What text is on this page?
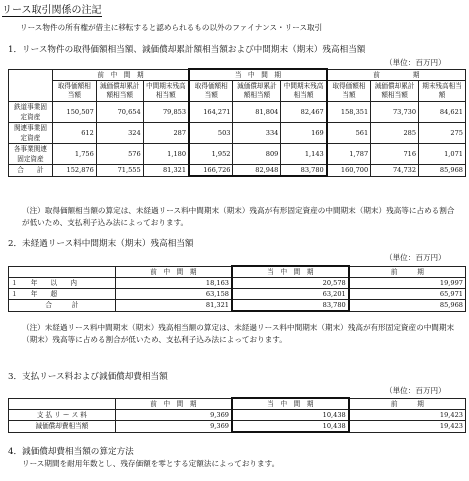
リース取引関係の注記
リース物件の所有権が借主に移転すると認められるもの以外のファイナンス・リース取引
1．リース物件の取得価額相当額、減価償却累計額相当額および中間期末（期末）残高相当額
（単位：百万円）
	前　中　間　期			当　中　間　期			前　　　　　期		
	取得価額相当額	減価償却累計額相当額	中間期末残高相当額	取得価額相当額	減価償却累計額相当額	中間期末残高相当額	取得価額相当額	減価償却累計額相当額	期末残高相当額
鉄道事業固定資産	150,507	70,654	79,853	164,271	81,804	82,467	158,351	73,730	84,621
関連事業固定資産	612	324	287	503	334	169	561	285	275
各事業関連固定資産	1,756	576	1,180	1,952	809	1,143	1,787	716	1,071
合　　計	152,876	71,555	81,321	166,726	82,948	83,780	160,700	74,732	85,968
（注）取得価額相当額の算定は、未経過リース料中間期末（期末）残高が有形固定資産の中間期末（期末）残高等に占める割合が低いため、支払利子込み法によっております。
2．未経過リース料中間期末（期末）残高相当額
（単位：百万円）
	前　中　間　期	当　中　間　期	前　　　期
１　　年　　以　　内	18,163	20,578	19,997
１　　年　　超	63,158	63,201	65,971
合　　　計	81,321	83,780	85,968
（注）未経過リース料中間期末（期末）残高相当額の算定は、未経過リース料中間期末（期末）残高が有形固定資産の中間期末（期末）残高等に占める割合が低いため、支払利子込み法によっております。
3．支払リース料および減価償却費相当額
（単位：百万円）
	前　中　間　期	当　中　間　期	前　　　期
支 払 リ ー ス 料	9,369	10,438	19,423
減価償却費相当額	9,369	10,438	19,423
4．減価償却費相当額の算定方法
リース期間を耐用年数とし、残存価額を零とする定額法によっております。
